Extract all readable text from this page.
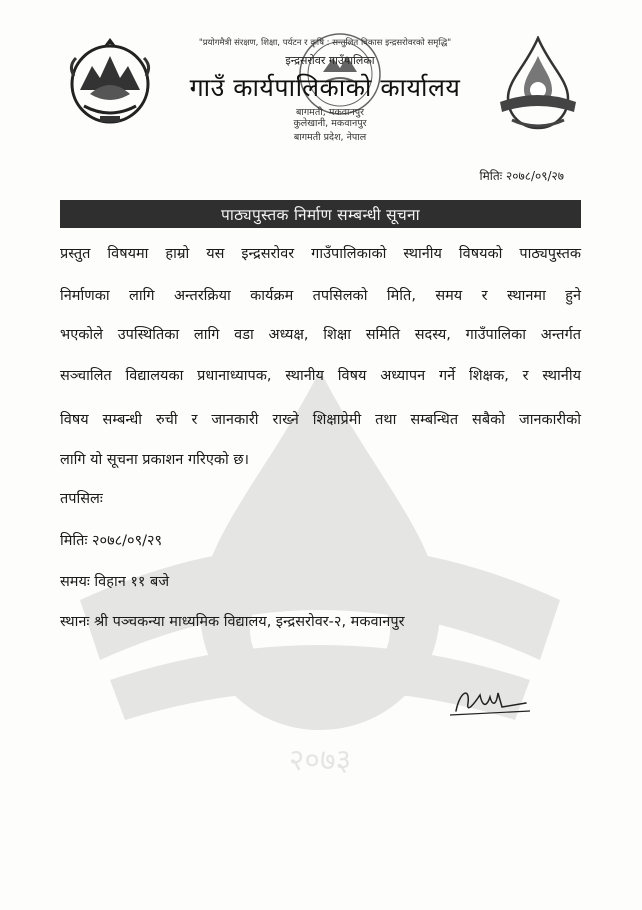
२०७३
"प्रयोगमैत्री संरक्षण, शिक्षा, पर्यटन र कृषि : सन्तुलित विकास इन्द्रसरोवरको समृद्धि"
इन्द्रसरोवर गाउँपालिका
गाउँ कार्यपालिकाको कार्यालय
बागमती, मकवानपुर
कुलेखानी, मकवानपुर
बागमती प्रदेश, नेपाल
मितिः २०७८/०९/२७
पाठ्यपुस्तक निर्माण सम्बन्धी सूचना
प्रस्तुत विषयमा हाम्रो यस इन्द्रसरोवर गाउँपालिकाको स्थानीय विषयको पाठ्यपुस्तक
निर्माणका लागि अन्तरक्रिया कार्यक्रम तपसिलको मिति, समय र स्थानमा हुने
भएकोले उपस्थितिका लागि वडा अध्यक्ष, शिक्षा समिति सदस्य, गाउँपालिका अन्तर्गत
सञ्चालित विद्यालयका प्रधानाध्यापक, स्थानीय विषय अध्यापन गर्ने शिक्षक, र स्थानीय
विषय सम्बन्धी रुची र जानकारी राख्ने शिक्षाप्रेमी तथा सम्बन्धित सबैको जानकारीको
लागि यो सूचना प्रकाशन गरिएको छ।
तपसिलः
मितिः २०७८/०९/२९
समयः विहान ११ बजे
स्थानः श्री पञ्चकन्या माध्यमिक विद्यालय, इन्द्रसरोवर-२, मकवानपुर
